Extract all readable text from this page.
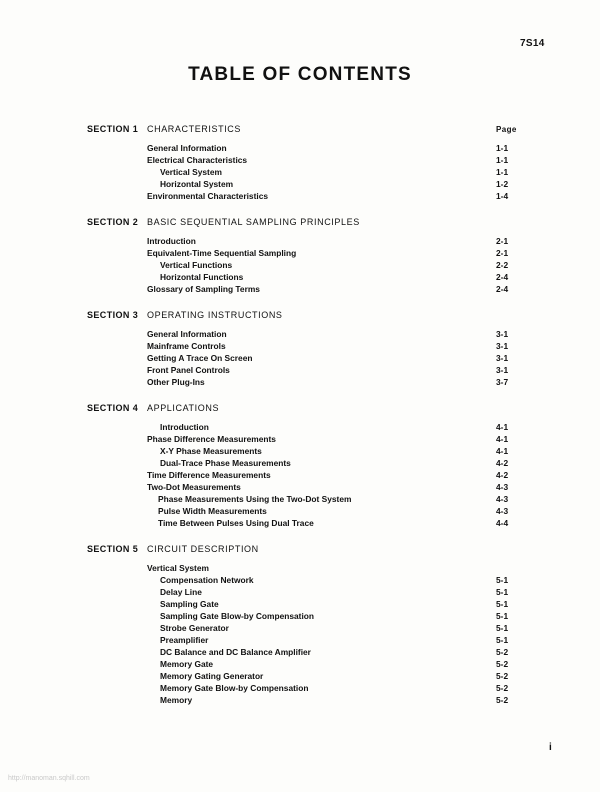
7S14
TABLE OF CONTENTS
SECTION 1 CHARACTERISTICS	Page
General Information	1-1
Electrical Characteristics	1-1
Vertical System	1-1
Horizontal System	1-2
Environmental Characteristics	1-4
SECTION 2 BASIC SEQUENTIAL SAMPLING PRINCIPLES
Introduction	2-1
Equivalent-Time Sequential Sampling	2-1
Vertical Functions	2-2
Horizontal Functions	2-4
Glossary of Sampling Terms	2-4
SECTION 3 OPERATING INSTRUCTIONS
General Information	3-1
Mainframe Controls	3-1
Getting A Trace On Screen	3-1
Front Panel Controls	3-1
Other Plug-Ins	3-7
SECTION 4 APPLICATIONS
Introduction	4-1
Phase Difference Measurements	4-1
X-Y Phase Measurements	4-1
Dual-Trace Phase Measurements	4-2
Time Difference Measurements	4-2
Two-Dot Measurements	4-3
Phase Measurements Using the Two-Dot System	4-3
Pulse Width Measurements	4-3
Time Between Pulses Using Dual Trace	4-4
SECTION 5 CIRCUIT DESCRIPTION
Vertical System
Compensation Network	5-1
Delay Line	5-1
Sampling Gate	5-1
Sampling Gate Blow-by Compensation	5-1
Strobe Generator	5-1
Preamplifier	5-1
DC Balance and DC Balance Amplifier	5-2
Memory Gate	5-2
Memory Gating Generator	5-2
Memory Gate Blow-by Compensation	5-2
Memory	5-2
i
http://manoman.sqhill.com
